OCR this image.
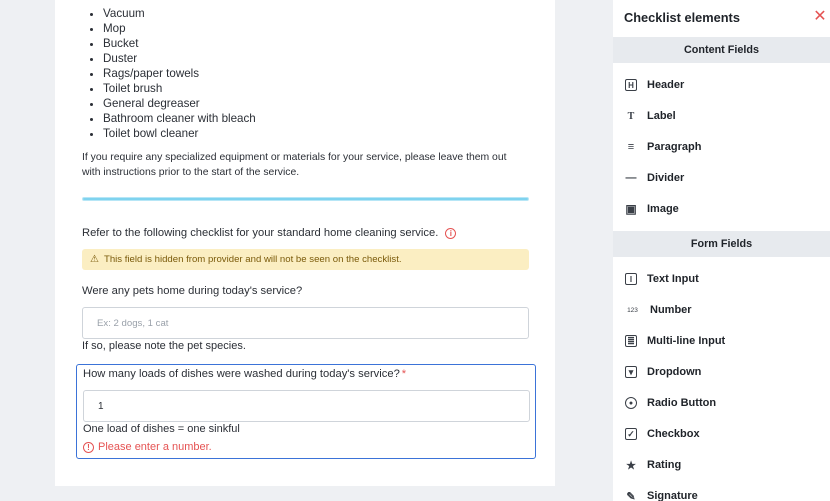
• Vacuum
• Mop
• Bucket
• Duster
• Rags/paper towels
• Toilet brush
• General degreaser
• Bathroom cleaner with bleach
• Toilet bowl cleaner

If you require any specialized equipment or materials for your service, please leave them out with instructions prior to the start of the service.

Refer to the following checklist for your standard home cleaning service.	i
⚠ This field is hidden from provider and will not be seen on the checklist.
Were any pets home during today's service?
Ex: 2 dogs, 1 cat
If so, please note the pet species.
How many loads of dishes were washed during today's service? *
1
One load of dishes = one sinkful
! Please enter a number.
Checklist elements	✕
Content Fields
H Header
T Label
≡ Paragraph
— Divider
▣ Image
Form Fields
I	Text Input
123 Number
≣ Multi-line Input
▾	Dropdown
●	Radio Button
✓ Checkbox
★ Rating
✎ Signature
